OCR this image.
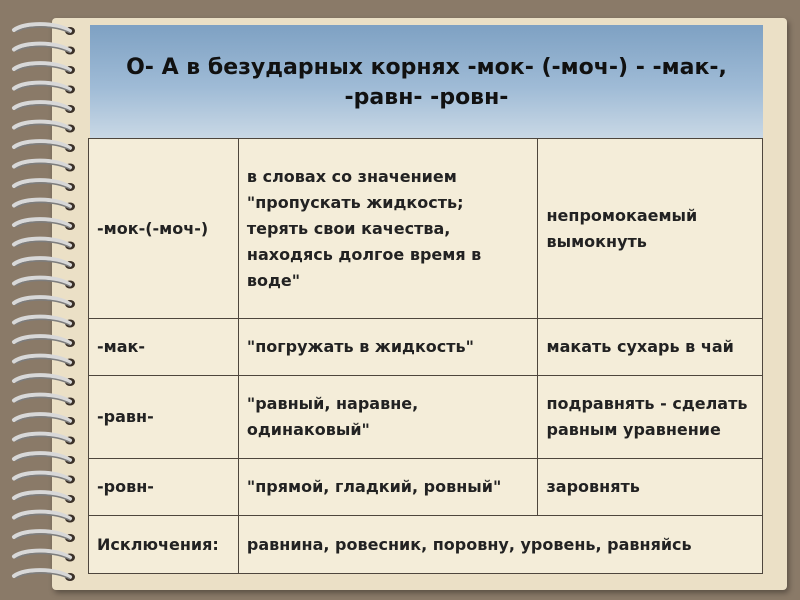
О- А в безударных корнях -мок- (-моч-) - -мак-,
-равн- -ровн-
-мок-(-моч-)	в словах со значением "пропускать жидкость; терять свои качества, находясь долгое время в воде"	непромокаемый вымокнуть
-мак-	"погружать в жидкость"	макать сухарь в чай
-равн-	"равный, наравне, одинаковый"	подравнять - сделать равным уравнение
-ровн-	"прямой, гладкий, ровный"	заровнять
Исключения:	равнина, ровесник, поровну, уровень, равняйсь	
